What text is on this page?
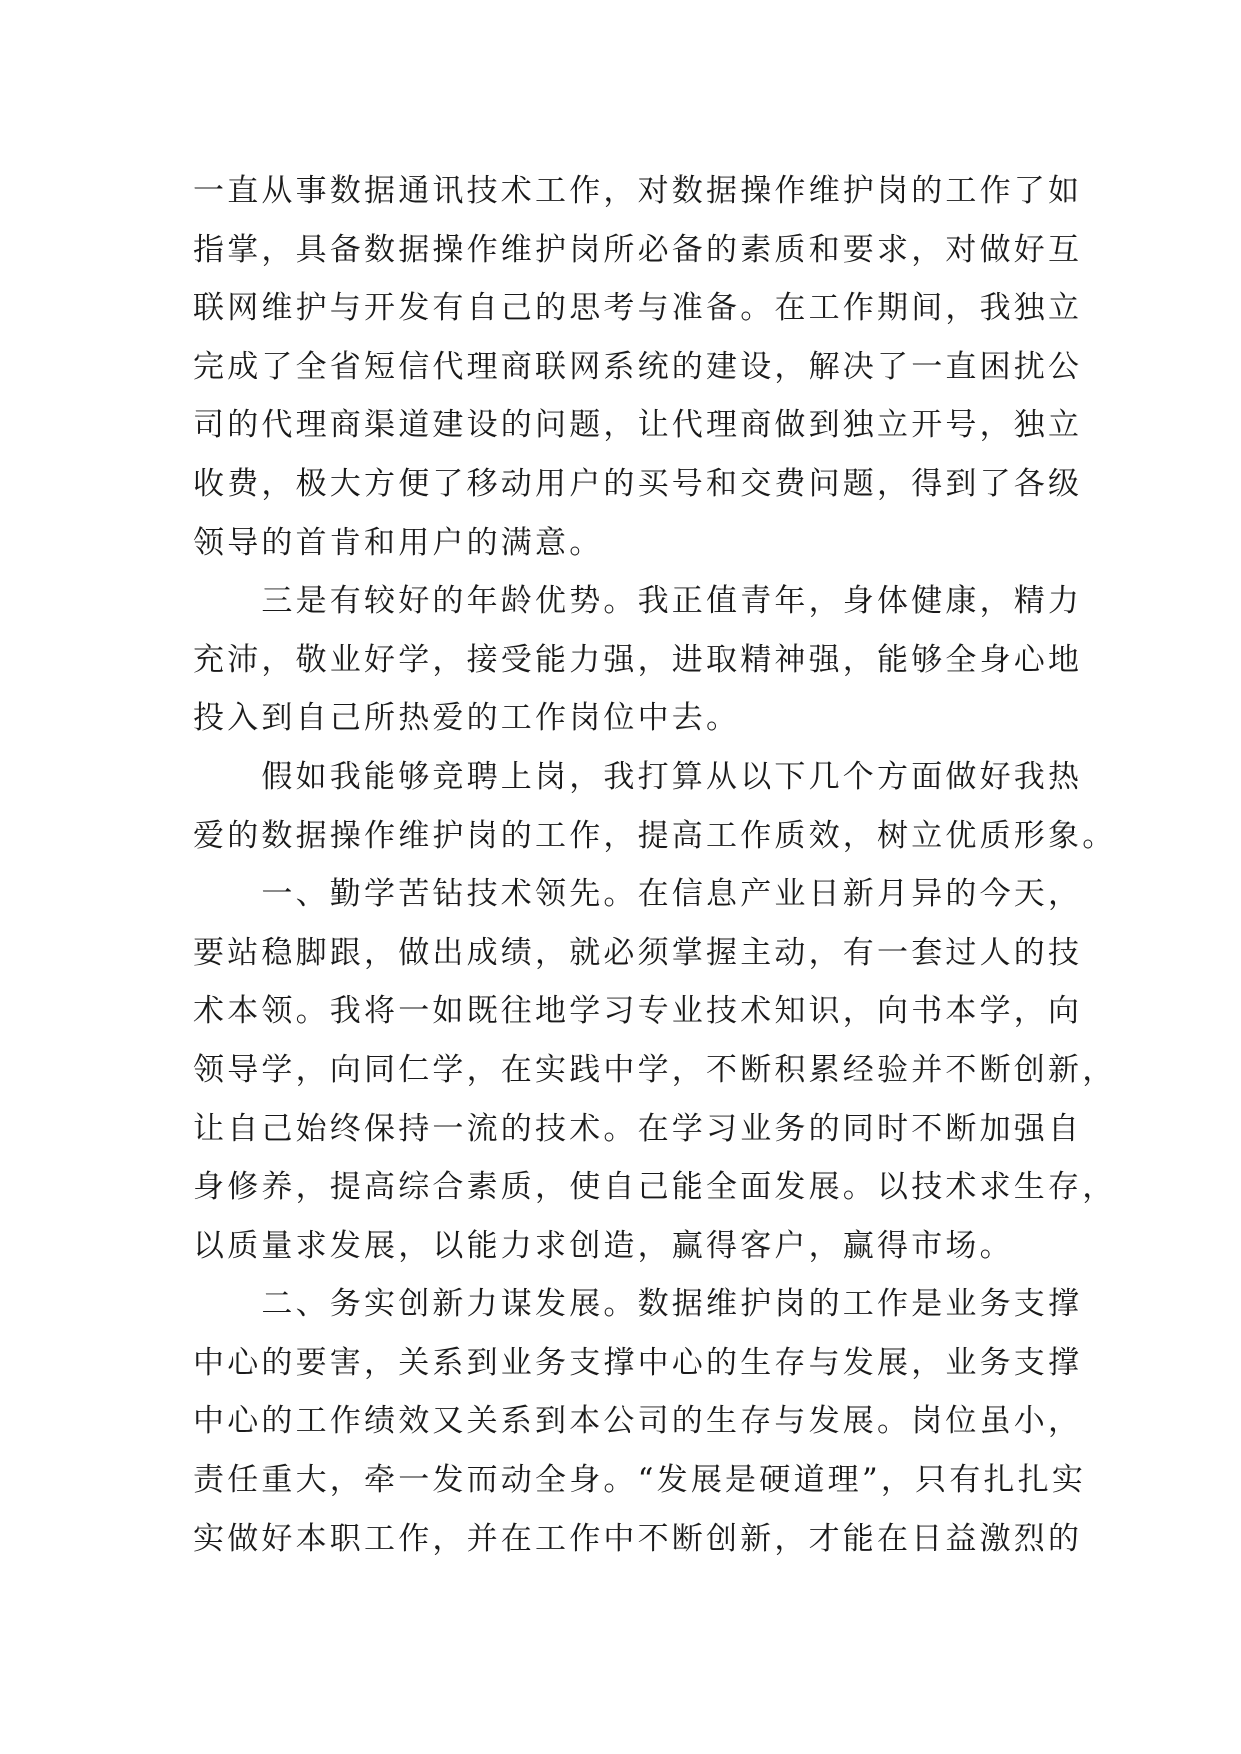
一直从事数据通讯技术工作，对数据操作维护岗的工作了如
指掌，具备数据操作维护岗所必备的素质和要求，对做好互
联网维护与开发有自己的思考与准备。在工作期间，我独立
完成了全省短信代理商联网系统的建设，解决了一直困扰公
司的代理商渠道建设的问题，让代理商做到独立开号，独立
收费，极大方便了移动用户的买号和交费问题，得到了各级
领导的首肯和用户的满意。
　　三是有较好的年龄优势。我正值青年，身体健康，精力
充沛，敬业好学，接受能力强，进取精神强，能够全身心地
投入到自己所热爱的工作岗位中去。
　　假如我能够竞聘上岗，我打算从以下几个方面做好我热
爱的数据操作维护岗的工作，提高工作质效，树立优质形象。
　　一、勤学苦钻技术领先。在信息产业日新月异的今天，
要站稳脚跟，做出成绩，就必须掌握主动，有一套过人的技
术本领。我将一如既往地学习专业技术知识，向书本学，向
领导学，向同仁学，在实践中学，不断积累经验并不断创新，
让自己始终保持一流的技术。在学习业务的同时不断加强自
身修养，提高综合素质，使自己能全面发展。以技术求生存，
以质量求发展，以能力求创造，赢得客户，赢得市场。
　　二、务实创新力谋发展。数据维护岗的工作是业务支撑
中心的要害，关系到业务支撑中心的生存与发展，业务支撑
中心的工作绩效又关系到本公司的生存与发展。岗位虽小，
责任重大，牵一发而动全身。“发展是硬道理”，只有扎扎实
实做好本职工作，并在工作中不断创新，才能在日益激烈的
